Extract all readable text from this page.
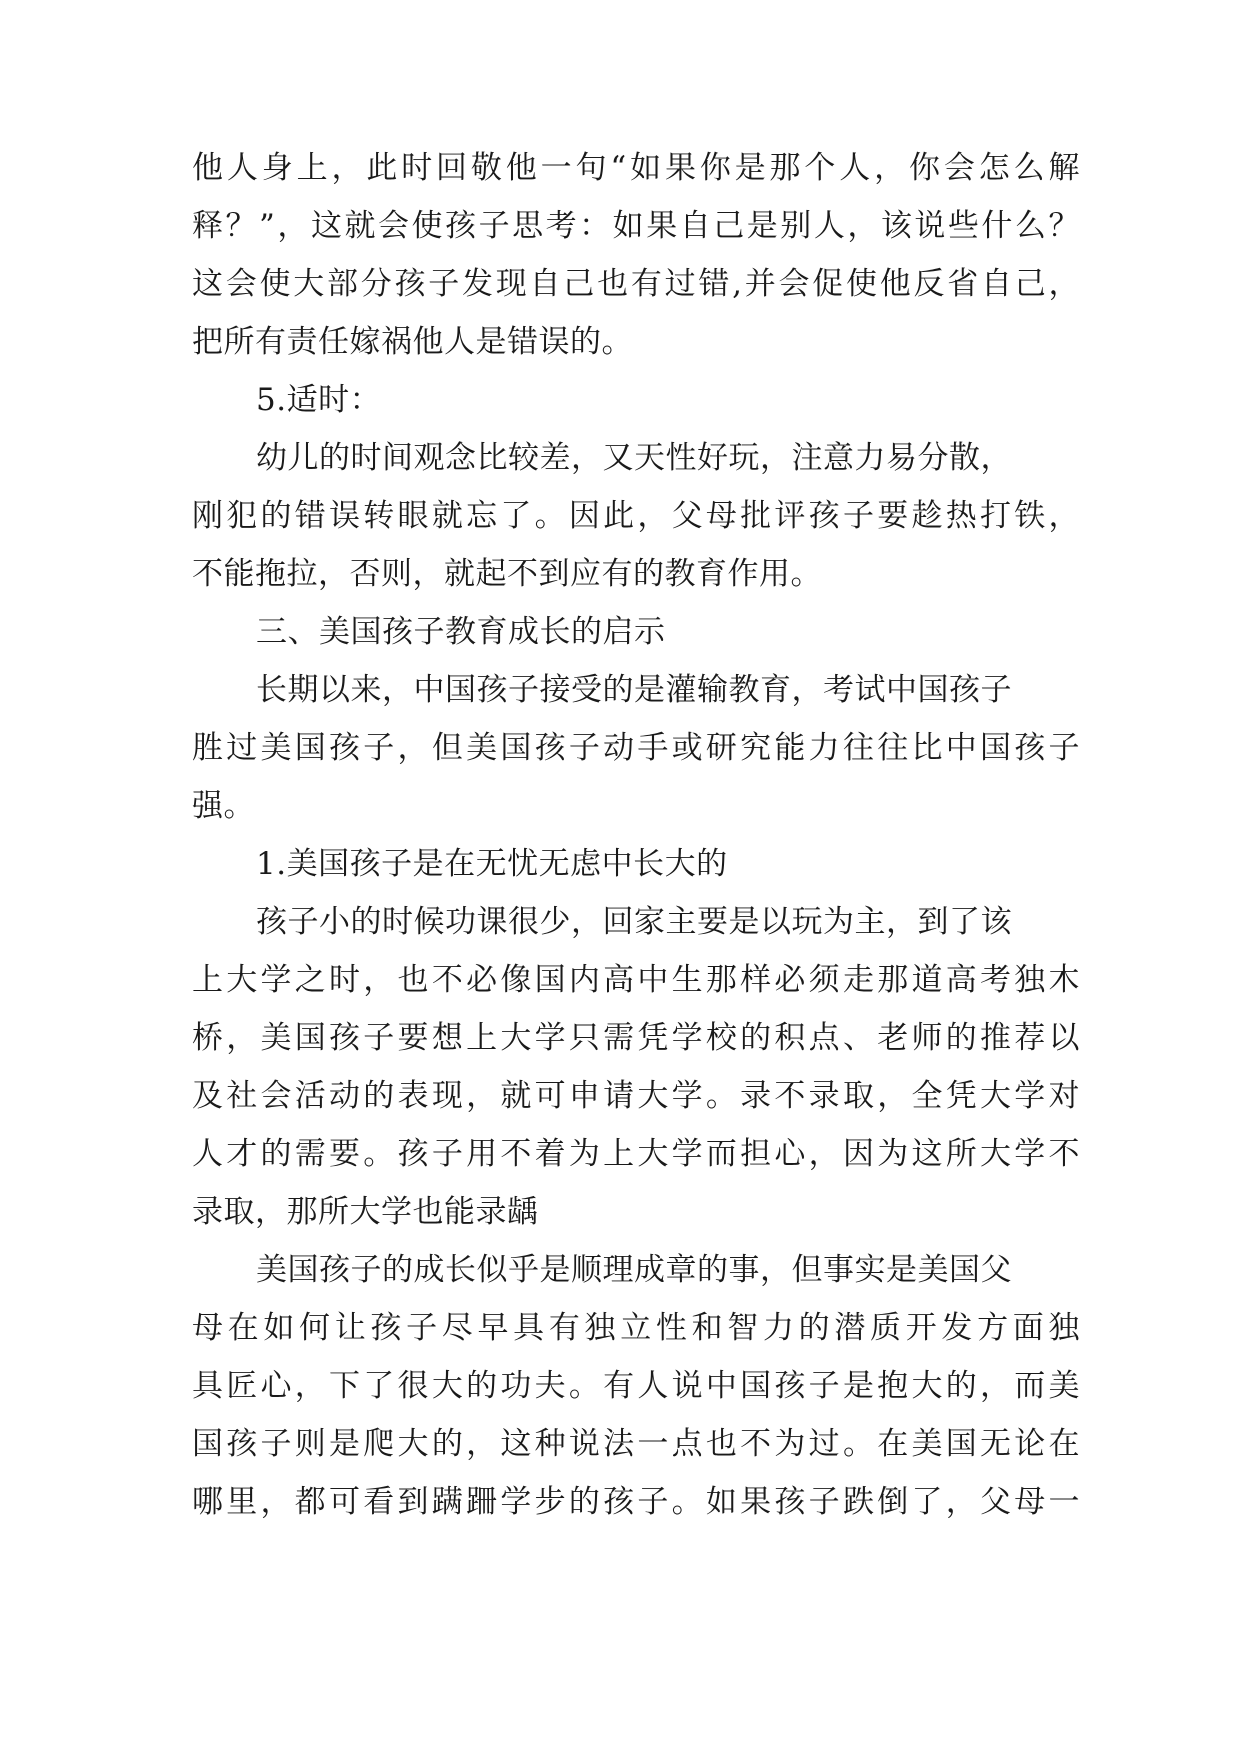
他人身上，此时回敬他一句“如果你是那个人，你会怎么解
释？”，这就会使孩子思考：如果自己是别人，该说些什么？
这会使大部分孩子发现自己也有过错,并会促使他反省自己，
把所有责任嫁祸他人是错误的。
5.适时：
幼儿的时间观念比较差，又天性好玩，注意力易分散，
刚犯的错误转眼就忘了。因此，父母批评孩子要趁热打铁，
不能拖拉，否则，就起不到应有的教育作用。
三、美国孩子教育成长的启示
长期以来，中国孩子接受的是灌输教育，考试中国孩子
胜过美国孩子，但美国孩子动手或研究能力往往比中国孩子
强。
1.美国孩子是在无忧无虑中长大的
孩子小的时候功课很少，回家主要是以玩为主，到了该
上大学之时，也不必像国内高中生那样必须走那道高考独木
桥，美国孩子要想上大学只需凭学校的积点、老师的推荐以
及社会活动的表现，就可申请大学。录不录取，全凭大学对
人才的需要。孩子用不着为上大学而担心，因为这所大学不
录取，那所大学也能录龋
美国孩子的成长似乎是顺理成章的事，但事实是美国父
母在如何让孩子尽早具有独立性和智力的潜质开发方面独
具匠心，下了很大的功夫。有人说中国孩子是抱大的，而美
国孩子则是爬大的，这种说法一点也不为过。在美国无论在
哪里，都可看到蹒跚学步的孩子。如果孩子跌倒了，父母一
